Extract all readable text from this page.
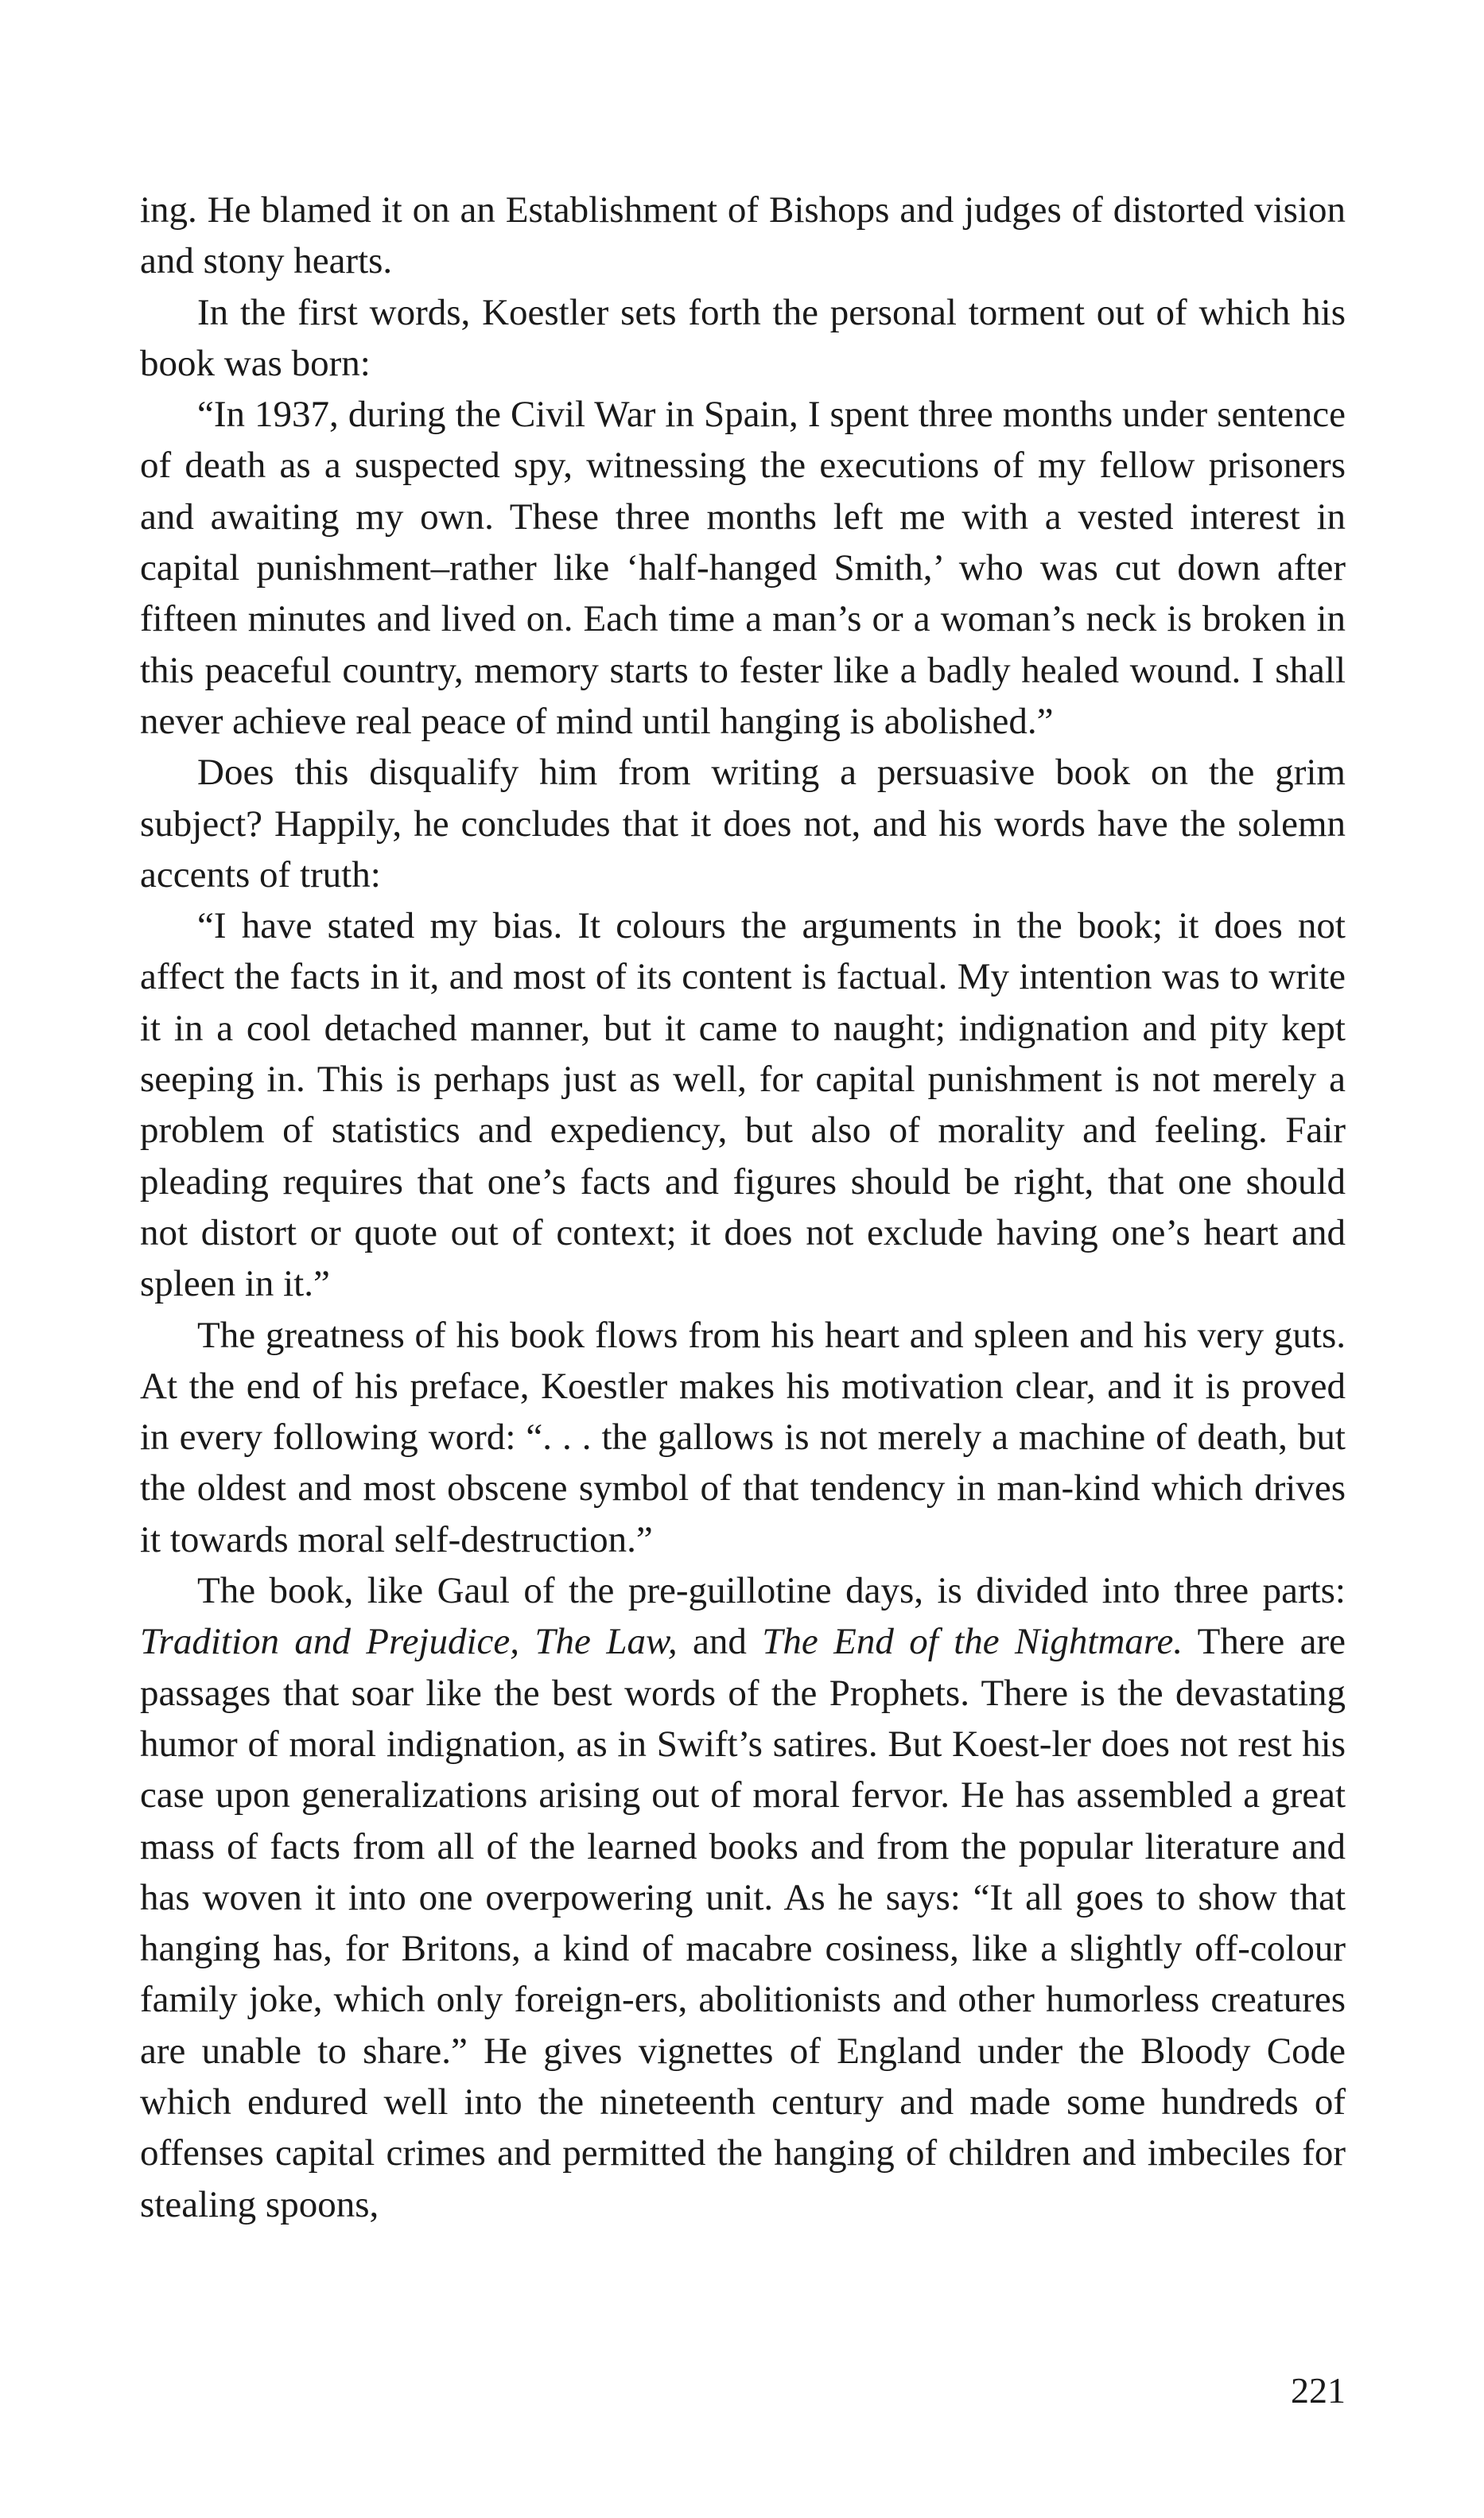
ing. He blamed it on an Establishment of Bishops and judges of distorted vision and stony hearts.

In the first words, Koestler sets forth the personal torment out of which his book was born:

“In 1937, during the Civil War in Spain, I spent three months under sentence of death as a suspected spy, witnessing the executions of my fellow prisoners and awaiting my own. These three months left me with a vested interest in capital punishment–rather like ‘half-hanged Smith,’ who was cut down after fifteen minutes and lived on. Each time a man’s or a woman’s neck is broken in this peaceful country, memory starts to fester like a badly healed wound. I shall never achieve real peace of mind until hanging is abolished.”

Does this disqualify him from writing a persuasive book on the grim subject? Happily, he concludes that it does not, and his words have the solemn accents of truth:

“I have stated my bias. It colours the arguments in the book; it does not affect the facts in it, and most of its content is factual. My intention was to write it in a cool detached manner, but it came to naught; indignation and pity kept seeping in. This is perhaps just as well, for capital punishment is not merely a problem of statistics and expediency, but also of morality and feeling. Fair pleading requires that one’s facts and figures should be right, that one should not distort or quote out of context; it does not exclude having one’s heart and spleen in it.”

The greatness of his book flows from his heart and spleen and his very guts. At the end of his preface, Koestler makes his motivation clear, and it is proved in every following word: “. . . the gallows is not merely a machine of death, but the oldest and most obscene symbol of that tendency in man-kind which drives it towards moral self-destruction.”

The book, like Gaul of the pre-guillotine days, is divided into three parts: Tradition and Prejudice, The Law, and The End of the Nightmare. There are passages that soar like the best words of the Prophets. There is the devastating humor of moral indignation, as in Swift’s satires. But Koest-ler does not rest his case upon generalizations arising out of moral fervor. He has assembled a great mass of facts from all of the learned books and from the popular literature and has woven it into one overpowering unit. As he says: “It all goes to show that hanging has, for Britons, a kind of macabre cosiness, like a slightly off-colour family joke, which only foreign-ers, abolitionists and other humorless creatures are unable to share.” He gives vignettes of England under the Bloody Code which endured well into the nineteenth century and made some hundreds of offenses capital crimes and permitted the hanging of children and imbeciles for stealing spoons,

221
